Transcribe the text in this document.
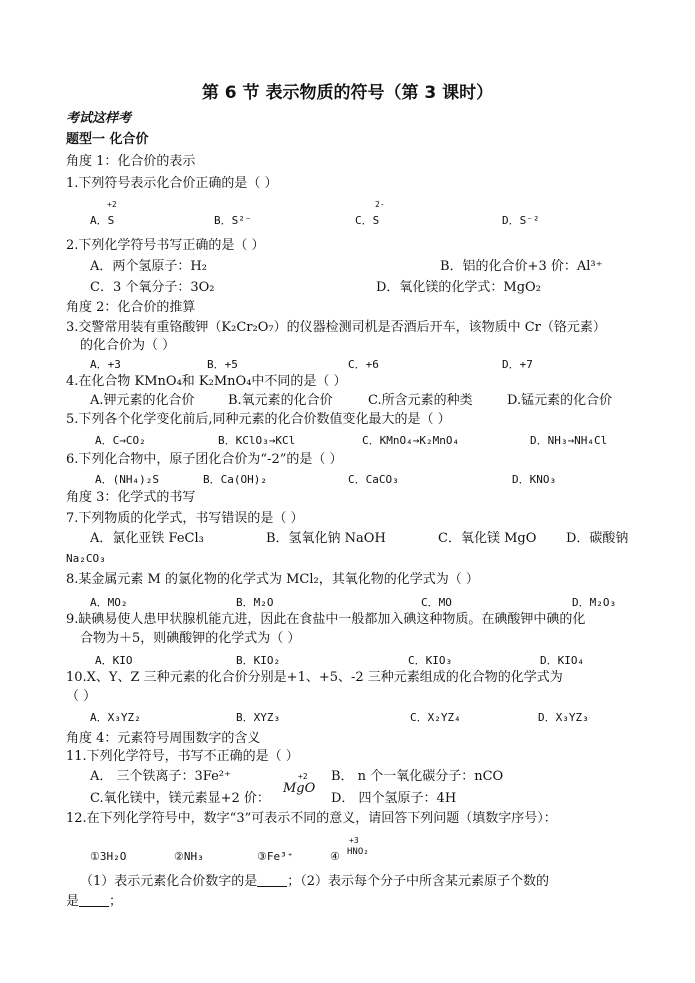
第 6 节 表示物质的符号（第 3 课时）
考试这样考
题型一 化合价
角度 1：化合价的表示
1.下列符号表示化合价正确的是（ ）
+2
A．S	B．S²⁻
2-
C．S	D．S⁻²
2.下列化学符号书写正确的是（ ）
A．两个氢原子：H₂	B．铝的化合价+3 价：Al³⁺
C．3 个氧分子：3O₂	D．氧化镁的化学式：MgO₂
角度 2：化合价的推算
3.交警常用装有重铬酸钾（K₂Cr₂O₇）的仪器检测司机是否酒后开车，该物质中 Cr（铬元素）
的化合价为（ ）
A．+3	B．+5	C．+6	D．+7
4.在化合物 KMnO₄和 K₂MnO₄中不同的是（ ）
A.钾元素的化合价	B.氧元素的化合价	C.所含元素的种类	D.锰元素的化合价
5.下列各个化学变化前后,同种元素的化合价数值变化最大的是（ ）
A．C→CO₂	B．KClO₃→KCl	C．KMnO₄→K₂MnO₄	D．NH₃→NH₄Cl
6.下列化合物中，原子团化合价为“-2”的是（ ）
A．(NH₄)₂S	B．Ca(OH)₂	C．CaCO₃	D．KNO₃
角度 3：化学式的书写
7.下列物质的化学式，书写错误的是（ ）
A．氯化亚铁 FeCl₃	B．氢氧化钠 NaOH	C．氧化镁 MgO D．碳酸钠
Na₂CO₃
8.某金属元素 M 的氯化物的化学式为 MCl₂，其氧化物的化学式为（ ）
A．MO₂	B．M₂O	C．MO	D．M₂O₃
9.缺碘易使人患甲状腺机能亢进，因此在食盐中一般都加入碘这种物质。在碘酸钾中碘的化
合物为＋5，则碘酸钾的化学式为（ ）
A．KIO	B．KIO₂	C．KIO₃	D．KIO₄
10.X、Y、Z 三种元素的化合价分别是+1、+5、-2 三种元素组成的化合物的化学式为
（ ）
A．X₃YZ₂	B．XYZ₃	C．X₂YZ₄	D．X₃YZ₃
角度 4：元素符号周围数字的含义
11.下列化学符号，书写不正确的是（ ）
A． 三个铁离子：3Fe²⁺	B． n 个一氧化碳分子：nCO
C.氧化镁中，镁元素显+2 价：
+2
MgO
D． 四个氢原子：4H
12.在下列化学符号中，数字“3”可表示不同的意义，请回答下列问题（填数字序号）：
①3H₂O	②NH₃	③Fe³⁺	④
+3
HNO₂
（1）表示元素化合价数字的是 ；（2）表示每个分子中所含某元素原子个数的
是 ；
